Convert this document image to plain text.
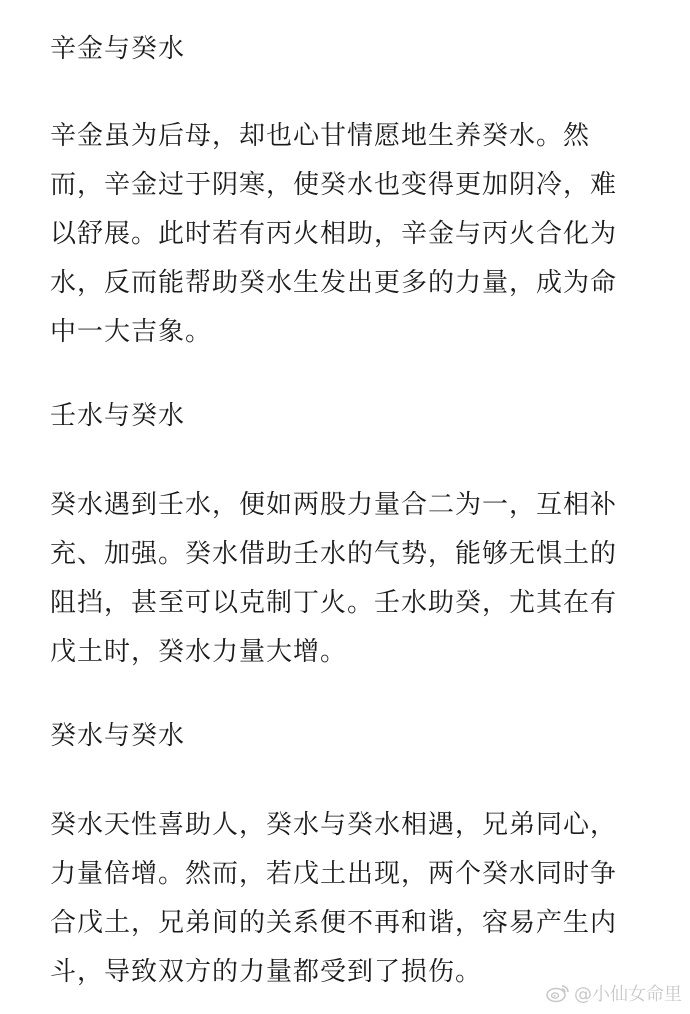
辛金与癸水
辛金虽为后母，却也心甘情愿地生养癸水。然
而，辛金过于阴寒，使癸水也变得更加阴冷，难
以舒展。此时若有丙火相助，辛金与丙火合化为
水，反而能帮助癸水生发出更多的力量，成为命
中一大吉象。
壬水与癸水
癸水遇到壬水，便如两股力量合二为一，互相补
充、加强。癸水借助壬水的气势，能够无惧土的
阻挡，甚至可以克制丁火。壬水助癸，尤其在有
戊土时，癸水力量大增。
癸水与癸水
癸水天性喜助人，癸水与癸水相遇，兄弟同心，
力量倍增。然而，若戊土出现，两个癸水同时争
合戊土，兄弟间的关系便不再和谐，容易产生内
斗，导致双方的力量都受到了损伤。
@小仙女命里
